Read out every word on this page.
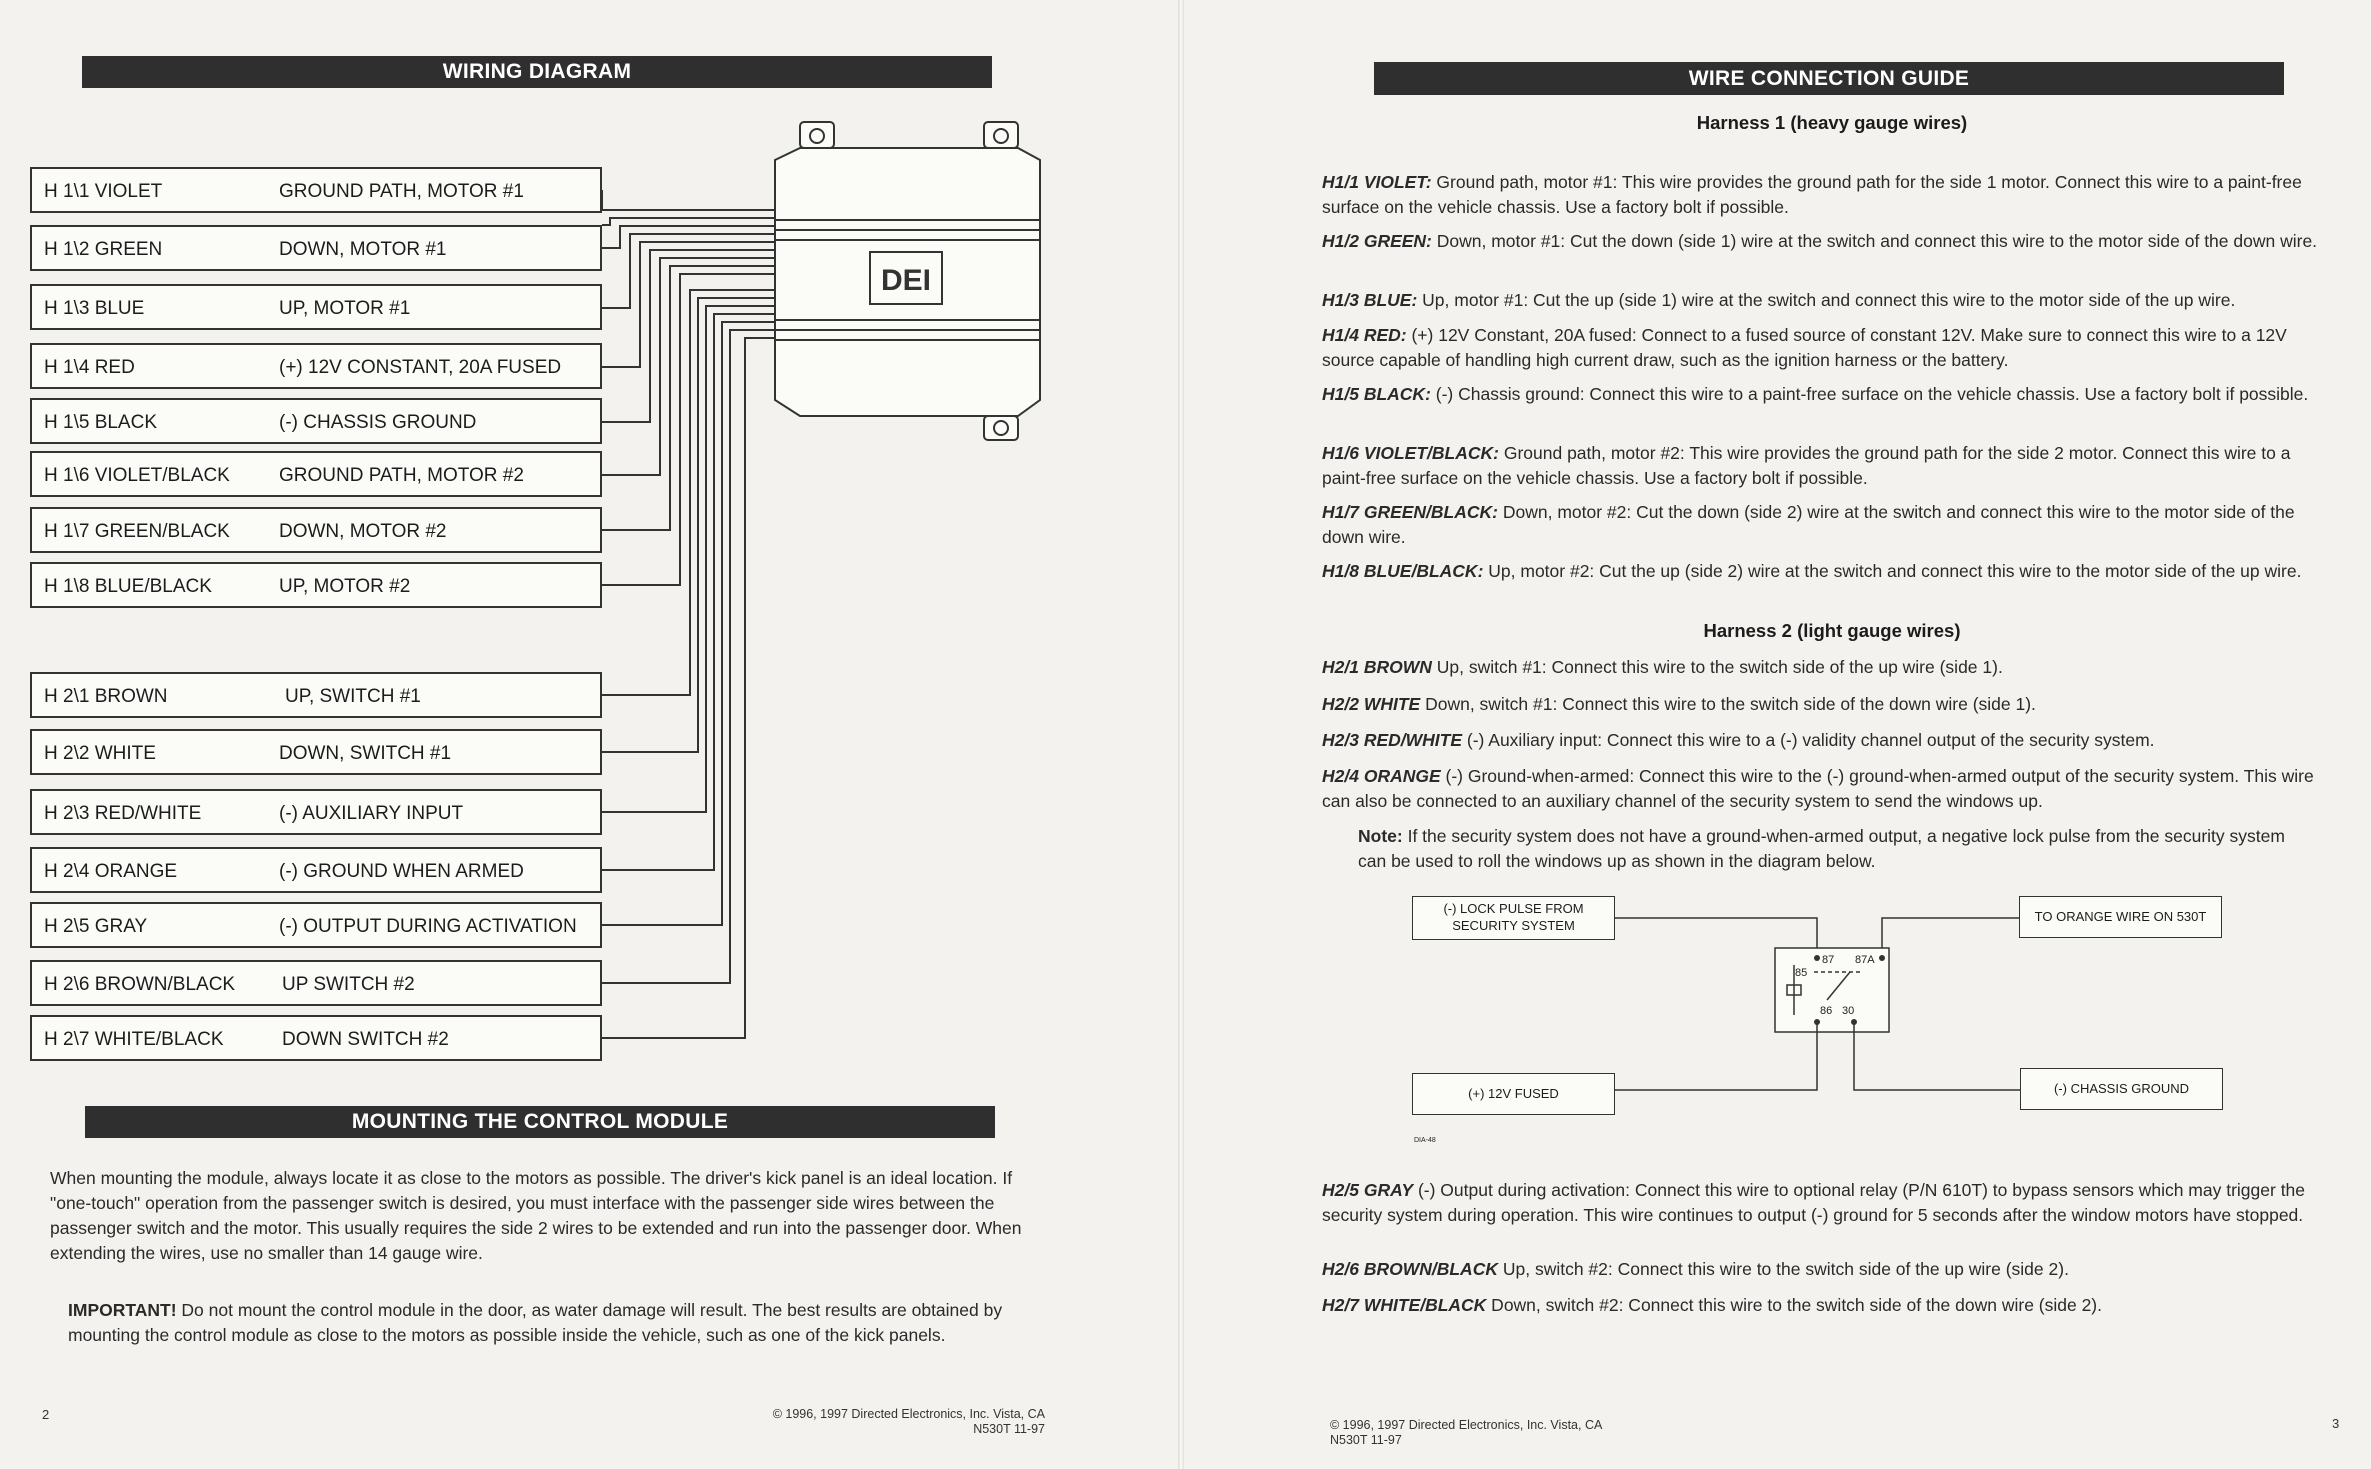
WIRING DIAGRAM
DEI
H 1\1 VIOLET	GROUND PATH, MOTOR #1
H 1\2 GREEN	DOWN, MOTOR #1
H 1\3 BLUE	UP, MOTOR #1
H 1\4 RED	(+) 12V CONSTANT, 20A FUSED
H 1\5 BLACK	(-) CHASSIS GROUND
H 1\6 VIOLET/BLACK	GROUND PATH, MOTOR #2
H 1\7 GREEN/BLACK	DOWN, MOTOR #2
H 1\8 BLUE/BLACK	UP, MOTOR #2
H 2\1 BROWN	UP, SWITCH #1
H 2\2 WHITE	DOWN, SWITCH #1
H 2\3 RED/WHITE	(-) AUXILIARY INPUT
H 2\4 ORANGE	(-) GROUND WHEN ARMED
H 2\5 GRAY	(-) OUTPUT DURING ACTIVATION
H 2\6 BROWN/BLACK UP SWITCH #2
H 2\7 WHITE/BLACK	DOWN SWITCH #2
MOUNTING THE CONTROL MODULE
When mounting the module, always locate it as close to the motors as possible. The driver's kick panel is an ideal location. If "one-touch" operation from the passenger switch is desired, you must interface with the passenger side wires between the passenger switch and the motor. This usually requires the side 2 wires to be extended and run into the passenger door. When extending the wires, use no smaller than 14 gauge wire.
IMPORTANT! Do not mount the control module in the door, as water damage will result. The best results are obtained by mounting the control module as close to the motors as possible inside the vehicle, such as one of the kick panels.
2	© 1996, 1997 Directed Electronics, Inc. Vista, CA
N530T 11-97
WIRE CONNECTION GUIDE
Harness 1 (heavy gauge wires)
H1/1 VIOLET: Ground path, motor #1: This wire provides the ground path for the side 1 motor. Connect this wire to a paint-free surface on the vehicle chassis. Use a factory bolt if possible.
H1/2 GREEN: Down, motor #1: Cut the down (side 1) wire at the switch and connect this wire to the motor side of the down wire.
H1/3 BLUE: Up, motor #1: Cut the up (side 1) wire at the switch and connect this wire to the motor side of the up wire.
H1/4 RED: (+) 12V Constant, 20A fused: Connect to a fused source of constant 12V. Make sure to connect this wire to a 12V source capable of handling high current draw, such as the ignition harness or the battery.
H1/5 BLACK: (-) Chassis ground: Connect this wire to a paint-free surface on the vehicle chassis. Use a factory bolt if possible.
H1/6 VIOLET/BLACK: Ground path, motor #2: This wire provides the ground path for the side 2 motor. Connect this wire to a paint-free surface on the vehicle chassis. Use a factory bolt if possible.
H1/7 GREEN/BLACK: Down, motor #2: Cut the down (side 2) wire at the switch and connect this wire to the motor side of the down wire.
H1/8 BLUE/BLACK: Up, motor #2: Cut the up (side 2) wire at the switch and connect this wire to the motor side of the up wire.
Harness 2 (light gauge wires)
H2/1 BROWN Up, switch #1: Connect this wire to the switch side of the up wire (side 1).
H2/2 WHITE Down, switch #1: Connect this wire to the switch side of the down wire (side 1).
H2/3 RED/WHITE (-) Auxiliary input: Connect this wire to a (-) validity channel output of the security system.
H2/4 ORANGE (-) Ground-when-armed: Connect this wire to the (-) ground-when-armed output of the security system. This wire can also be connected to an auxiliary channel of the security system to send the windows up.
Note: If the security system does not have a ground-when-armed output, a negative lock pulse from the security system can be used to roll the windows up as shown in the diagram below.
(-) LOCK PULSE FROM SECURITY SYSTEM
TO ORANGE WIRE ON 530T
(+) 12V FUSED	(-) CHASSIS GROUND
87 87A
85
86 30
DIA-48
H2/5 GRAY (-) Output during activation: Connect this wire to optional relay (P/N 610T) to bypass sensors which may trigger the security system during operation. This wire continues to output (-) ground for 5 seconds after the window motors have stopped.
H2/6 BROWN/BLACK Up, switch #2: Connect this wire to the switch side of the up wire (side 2).
H2/7 WHITE/BLACK Down, switch #2: Connect this wire to the switch side of the down wire (side 2).
© 1996, 1997 Directed Electronics, Inc. Vista, CA
N530T 11-97
3
